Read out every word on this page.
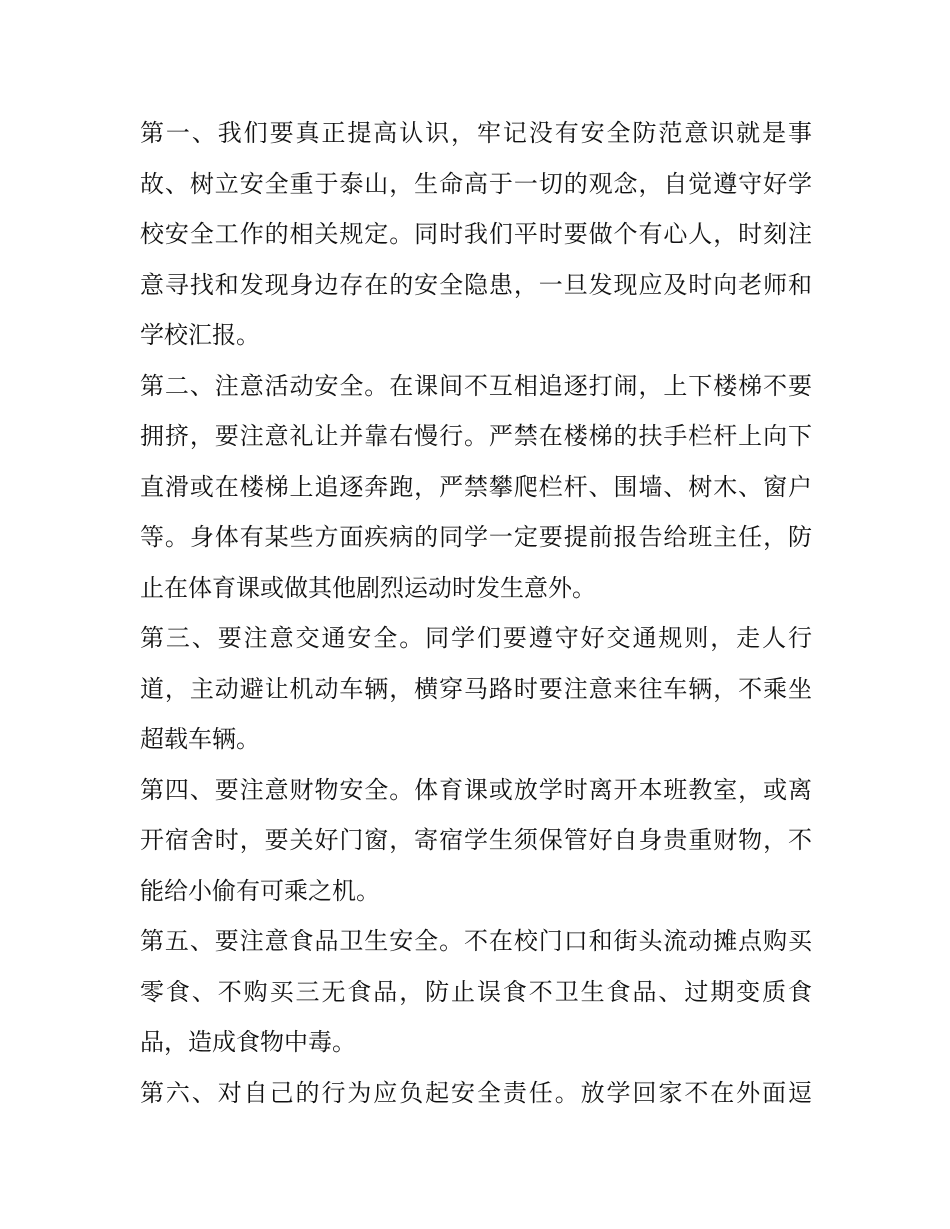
第一、我们要真正提高认识，牢记没有安全防范意识就是事
故、树立安全重于泰山，生命高于一切的观念，自觉遵守好学
校安全工作的相关规定。同时我们平时要做个有心人，时刻注
意寻找和发现身边存在的安全隐患，一旦发现应及时向老师和
学校汇报。
第二、注意活动安全。在课间不互相追逐打闹，上下楼梯不要
拥挤，要注意礼让并靠右慢行。严禁在楼梯的扶手栏杆上向下
直滑或在楼梯上追逐奔跑，严禁攀爬栏杆、围墙、树木、窗户
等。身体有某些方面疾病的同学一定要提前报告给班主任，防
止在体育课或做其他剧烈运动时发生意外。
第三、要注意交通安全。同学们要遵守好交通规则，走人行
道，主动避让机动车辆，横穿马路时要注意来往车辆，不乘坐
超载车辆。
第四、要注意财物安全。体育课或放学时离开本班教室，或离
开宿舍时，要关好门窗，寄宿学生须保管好自身贵重财物，不
能给小偷有可乘之机。
第五、要注意食品卫生安全。不在校门口和街头流动摊点购买
零食、不购买三无食品，防止误食不卫生食品、过期变质食
品，造成食物中毒。
第六、对自己的行为应负起安全责任。放学回家不在外面逗
